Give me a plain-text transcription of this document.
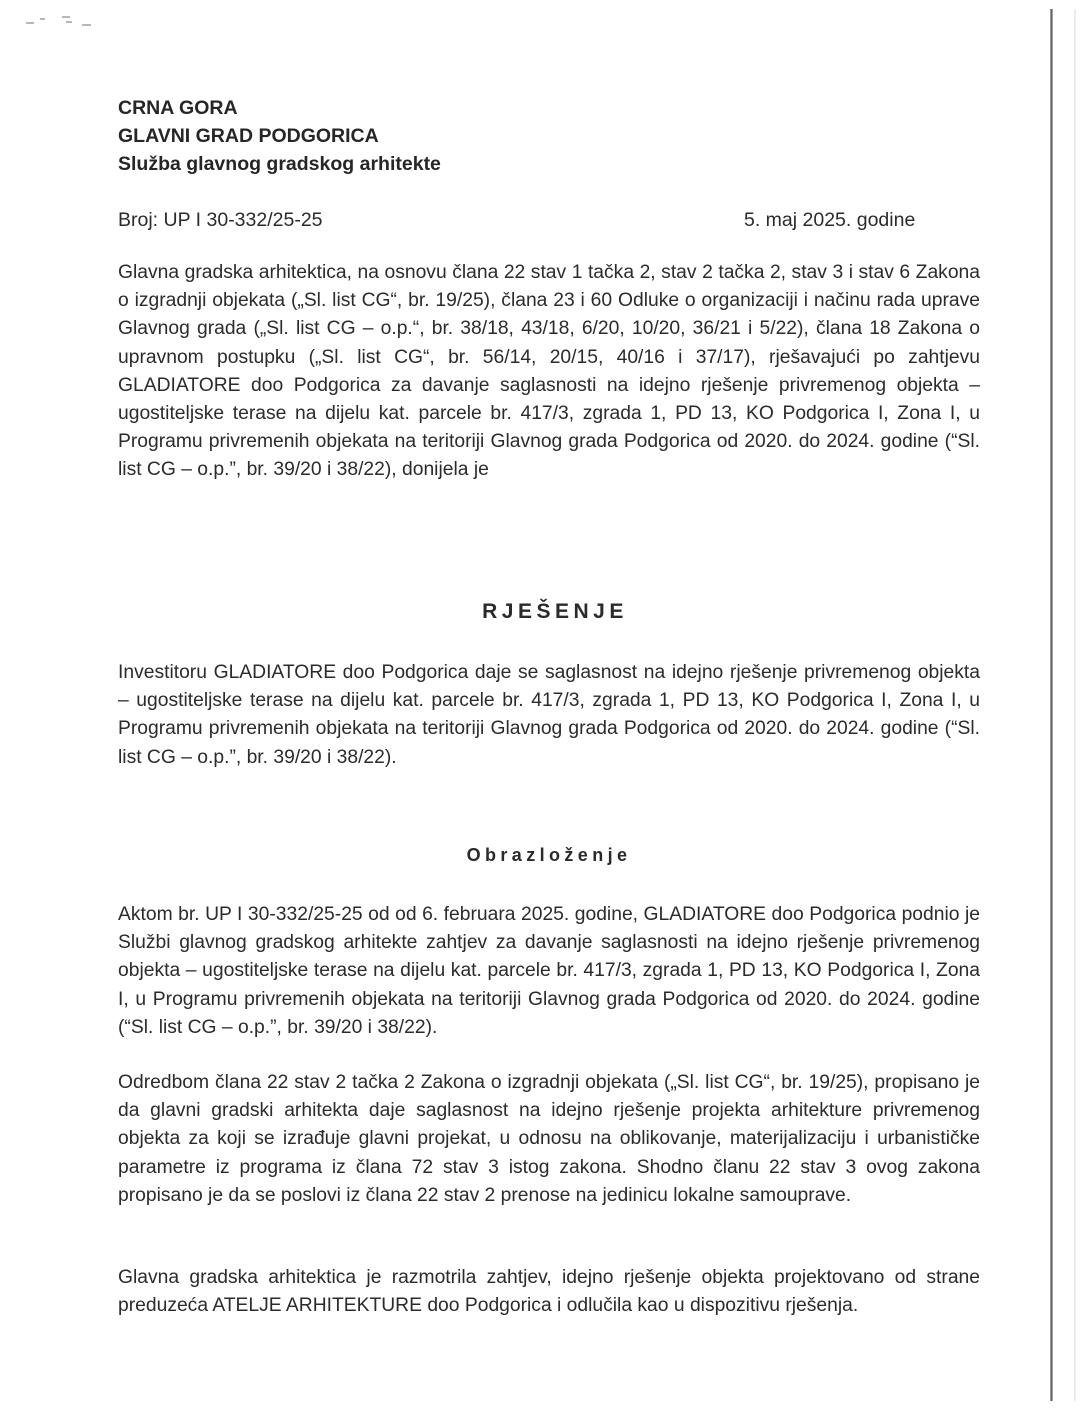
CRNA GORA
GLAVNI GRAD PODGORICA
Služba glavnog gradskog arhitekte
Broj: UP I 30-332/25-25	5. maj 2025. godine

Glavna gradska arhitektica, na osnovu člana 22 stav 1 tačka 2, stav 2 tačka 2, stav 3 i stav 6 Zakona o izgradnji objekata („Sl. list CG“, br. 19/25), člana 23 i 60 Odluke o organizaciji i načinu rada uprave Glavnog grada („Sl. list CG – o.p.“, br. 38/18, 43/18, 6/20, 10/20, 36/21 i 5/22), člana 18 Zakona o upravnom postupku („Sl. list CG“, br. 56/14, 20/15, 40/16 i 37/17), rješavajući po zahtjevu GLADIATORE doo Podgorica za davanje saglasnosti na idejno rješenje privremenog objekta – ugostiteljske terase na dijelu kat. parcele br. 417/3, zgrada 1, PD 13, KO Podgorica I, Zona I, u Programu privremenih objekata na teritoriji Glavnog grada Podgorica od 2020. do 2024. godine (“Sl. list CG – o.p.”, br. 39/20 i 38/22), donijela je

RJEŠENJE

Investitoru GLADIATORE doo Podgorica daje se saglasnost na idejno rješenje privremenog objekta – ugostiteljske terase na dijelu kat. parcele br. 417/3, zgrada 1, PD 13, KO Podgorica I, Zona I, u Programu privremenih objekata na teritoriji Glavnog grada Podgorica od 2020. do 2024. godine (“Sl. list CG – o.p.”, br. 39/20 i 38/22).

Obrazloženje

Aktom br. UP I 30-332/25-25 od od 6. februara 2025. godine, GLADIATORE doo Podgorica podnio je Službi glavnog gradskog arhitekte zahtjev za davanje saglasnosti na idejno rješenje privremenog objekta – ugostiteljske terase na dijelu kat. parcele br. 417/3, zgrada 1, PD 13, KO Podgorica I, Zona I, u Programu privremenih objekata na teritoriji Glavnog grada Podgorica od 2020. do 2024. godine (“Sl. list CG – o.p.”, br. 39/20 i 38/22).

Odredbom člana 22 stav 2 tačka 2 Zakona o izgradnji objekata („Sl. list CG“, br. 19/25), propisano je da glavni gradski arhitekta daje saglasnost na idejno rješenje projekta arhitekture privremenog objekta za koji se izrađuje glavni projekat, u odnosu na oblikovanje, materijalizaciju i urbanističke parametre iz programa iz člana 72 stav 3 istog zakona. Shodno članu 22 stav 3 ovog zakona propisano je da se poslovi iz člana 22 stav 2 prenose na jedinicu lokalne samouprave.

Glavna gradska arhitektica je razmotrila zahtjev, idejno rješenje objekta projektovano od strane preduzeća ATELJE ARHITEKTURE doo Podgorica i odlučila kao u dispozitivu rješenja.
